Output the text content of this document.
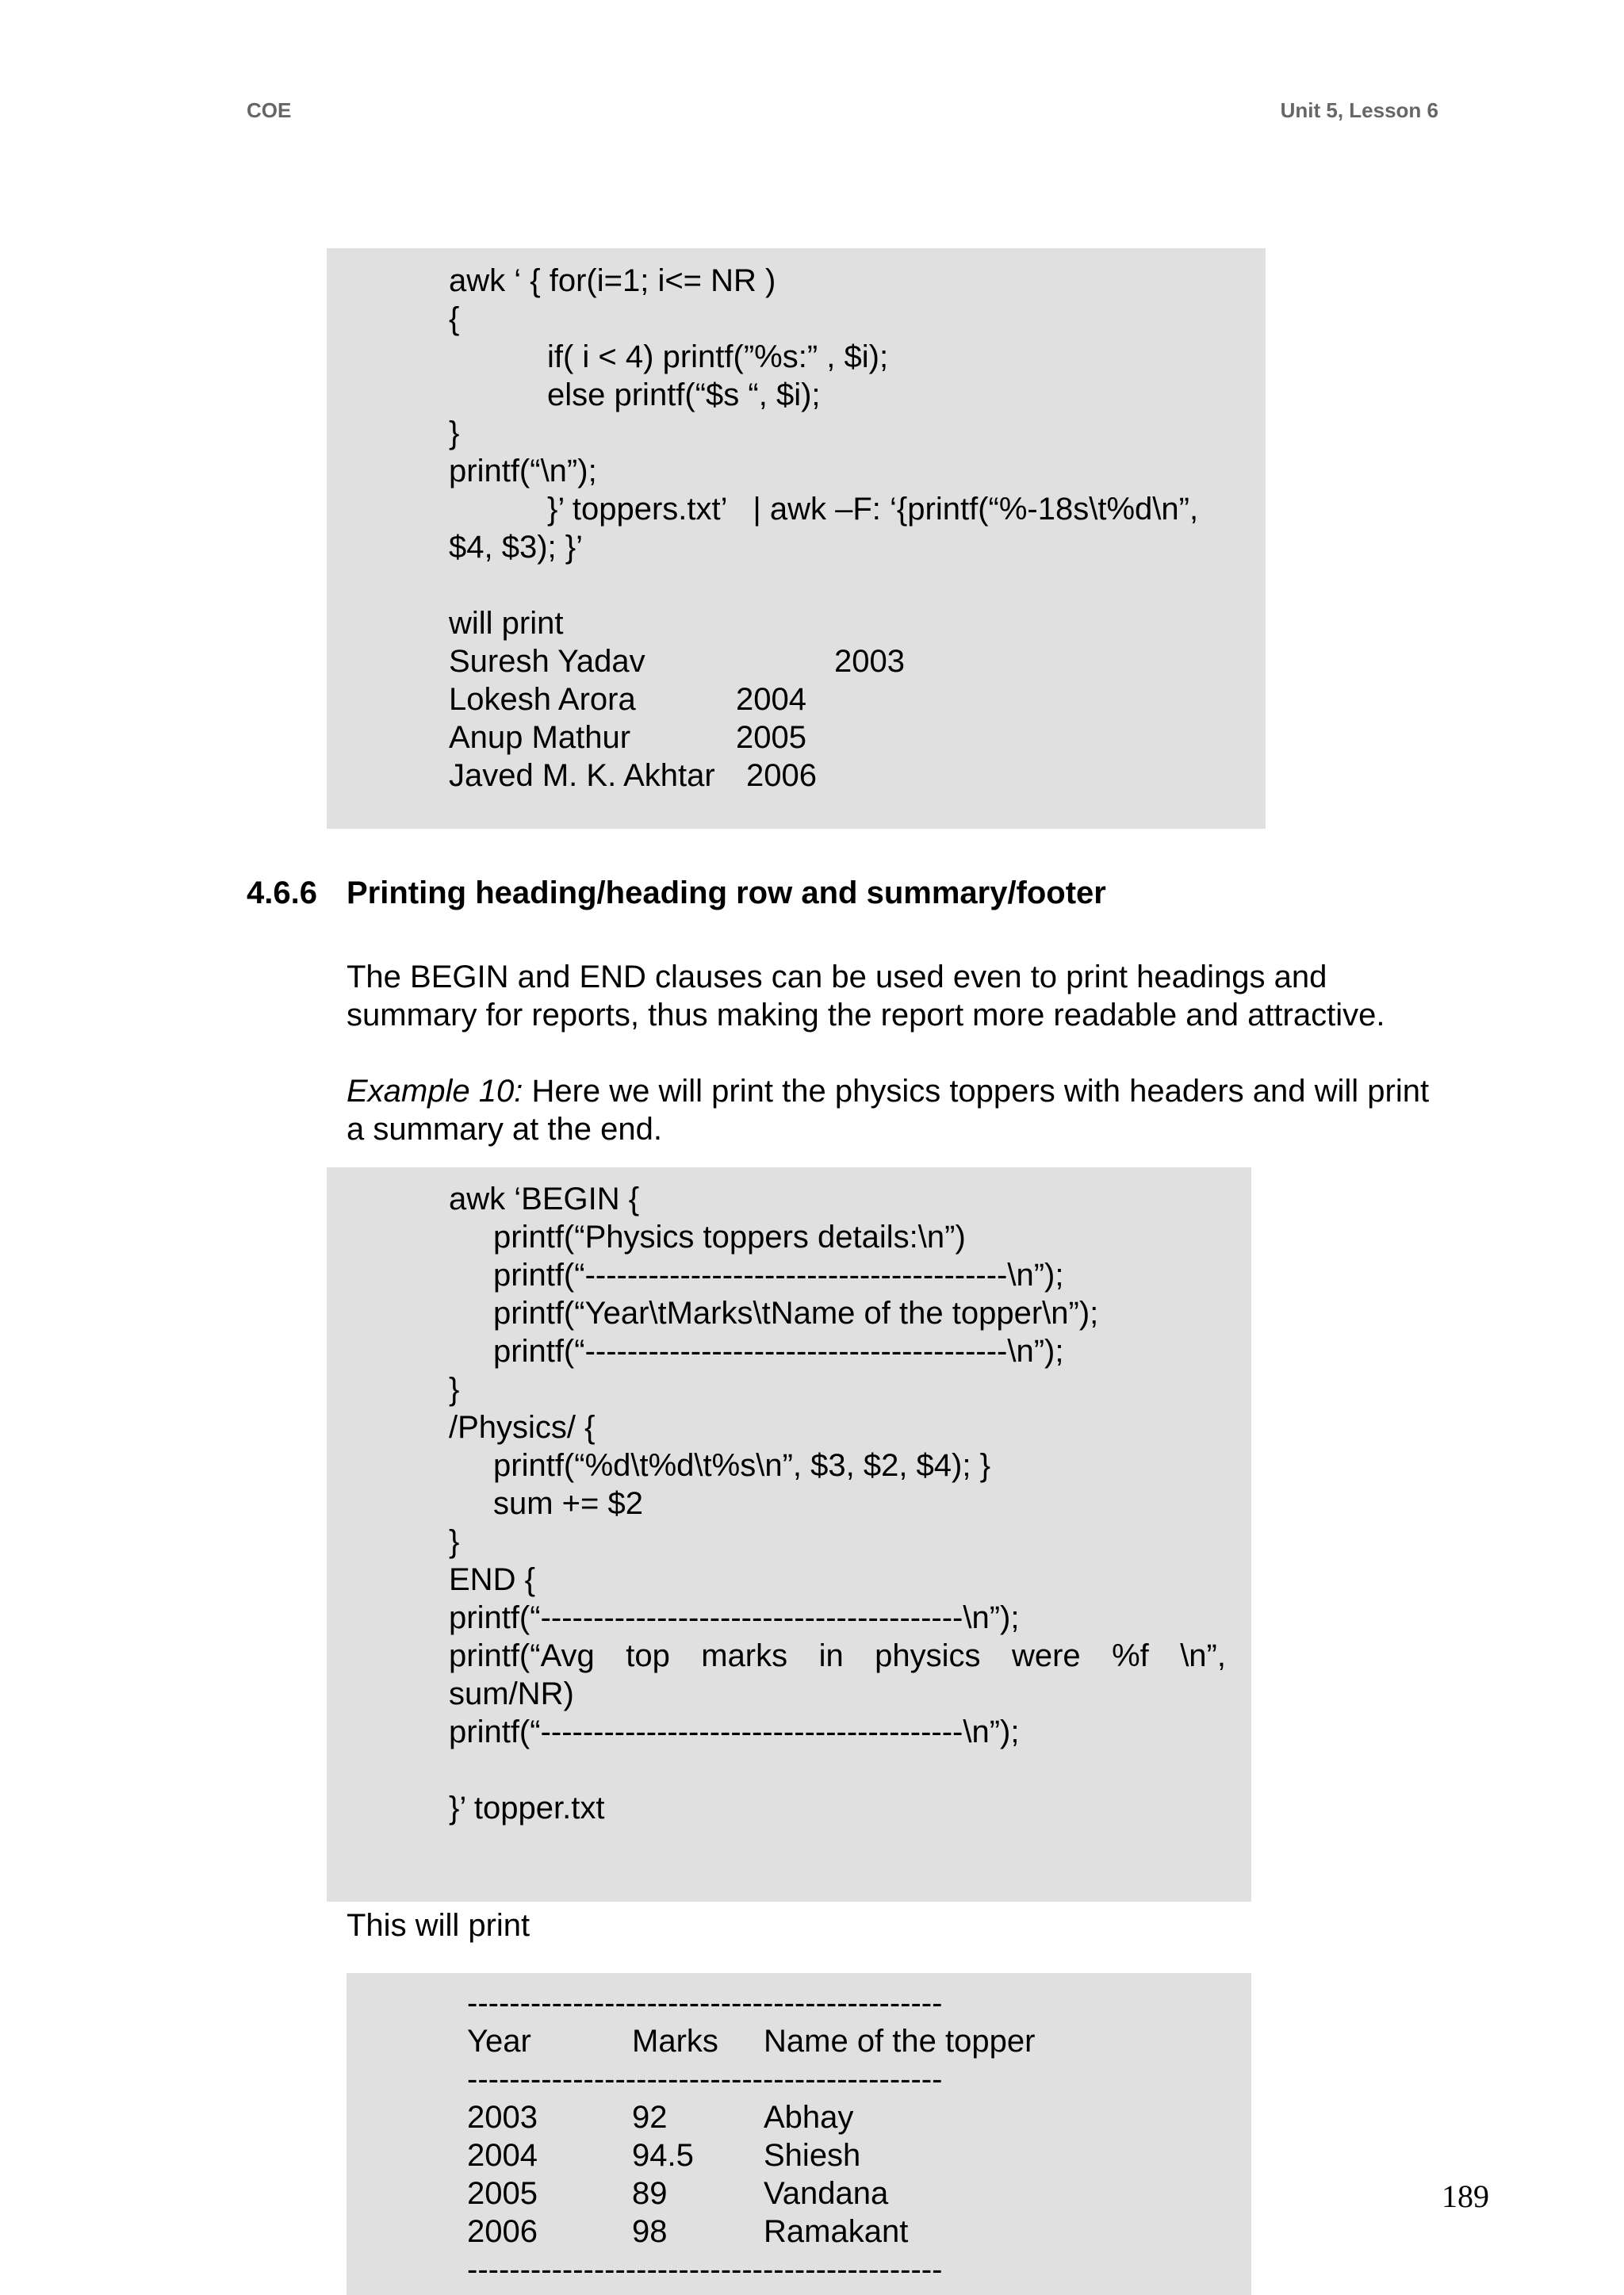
COE	Unit 5, Lesson 6
awk ‘ { for(i=1; i<= NR )
{
if( i < 4) printf(”%s:” , $i);
else printf(“$s “, $i);
}
printf(“\n”);
}’ toppers.txt’   | awk –F: ‘{printf(“%-18s\t%d\n”,
$4, $3); }’
will print
Suresh Yadav	2003
Lokesh Arora	2004
Anup Mathur	2005
Javed M. K. Akhtar 2006
4.6.6 Printing heading/heading row and summary/footer
The BEGIN and END clauses can be used even to print headings and
summary for reports, thus making the report more readable and attractive.
Example 10: Here we will print the physics toppers with headers and will print
a summary at the end.
awk ‘BEGIN {
printf(“Physics toppers details:\n”)
printf(“----------------------------------------\n”);
printf(“Year\tMarks\tName of the topper\n”);
printf(“----------------------------------------\n”);
}
/Physics/ {
printf(“%d\t%d\t%s\n”, $3, $2, $4); }
sum += $2
}
END {
printf(“----------------------------------------\n”);
printf(“Avg top marks in physics were %f \n”,
sum/NR)
printf(“----------------------------------------\n”);
}’ topper.txt
This will print
---------------------------------------------
Year	Marks Name of the topper
---------------------------------------------
2003	92	Abhay
2004	94.5 Shiesh
2005	89	Vandana
2006	98	Ramakant
---------------------------------------------
189
